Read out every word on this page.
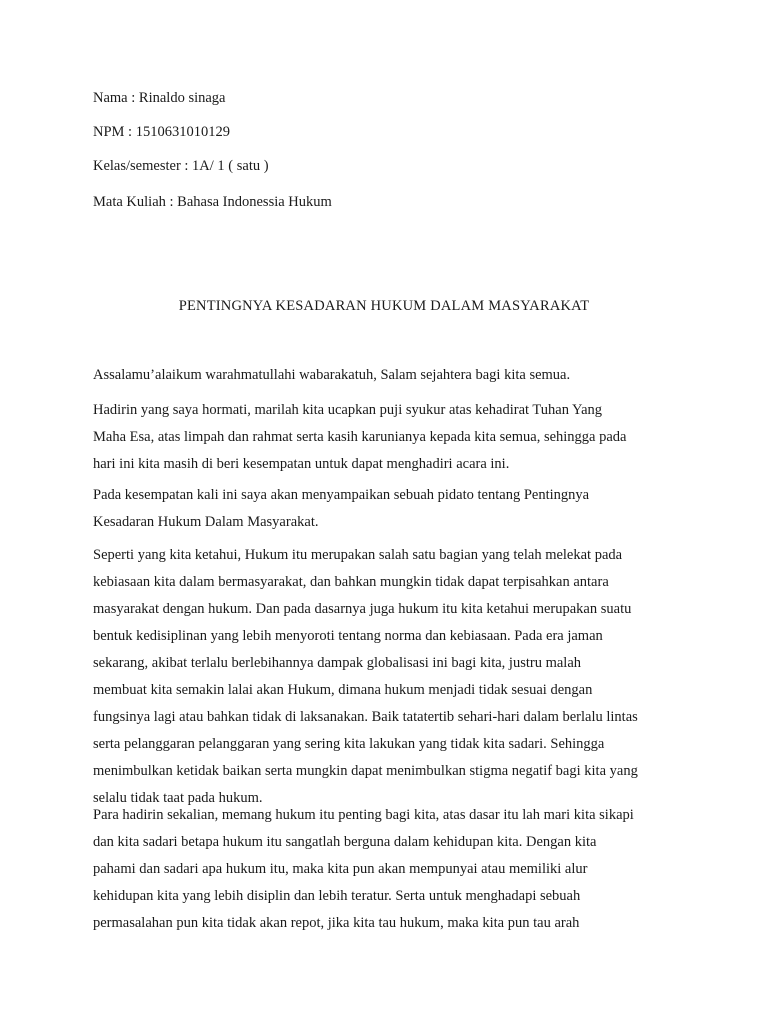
Nama : Rinaldo sinaga
NPM : 1510631010129
Kelas/semester : 1A/ 1 ( satu )
Mata Kuliah : Bahasa Indonessia Hukum
PENTINGNYA KESADARAN HUKUM DALAM MASYARAKAT
Assalamu’alaikum warahmatullahi wabarakatuh, Salam sejahtera bagi kita semua.
Hadirin yang saya hormati, marilah kita ucapkan puji syukur atas kehadirat Tuhan Yang
Maha Esa, atas limpah dan rahmat serta kasih karunianya kepada kita semua, sehingga pada
hari ini kita masih di beri kesempatan untuk dapat menghadiri acara ini.
Pada kesempatan kali ini saya akan menyampaikan sebuah pidato tentang Pentingnya
Kesadaran Hukum Dalam Masyarakat.
Seperti yang kita ketahui, Hukum itu merupakan salah satu bagian yang telah melekat pada
kebiasaan kita dalam bermasyarakat, dan bahkan mungkin tidak dapat terpisahkan antara
masyarakat dengan hukum. Dan pada dasarnya juga hukum itu kita ketahui merupakan suatu
bentuk kedisiplinan yang lebih menyoroti tentang norma dan kebiasaan. Pada era jaman
sekarang, akibat terlalu berlebihannya dampak globalisasi ini bagi kita, justru malah
membuat kita semakin lalai akan Hukum, dimana hukum menjadi tidak sesuai dengan
fungsinya lagi atau bahkan tidak di laksanakan. Baik tatatertib sehari-hari dalam berlalu lintas
serta pelanggaran pelanggaran yang sering kita lakukan yang tidak kita sadari. Sehingga
menimbulkan ketidak baikan serta mungkin dapat menimbulkan stigma negatif bagi kita yang
selalu tidak taat pada hukum.
Para hadirin sekalian, memang hukum itu penting bagi kita, atas dasar itu lah mari kita sikapi
dan kita sadari betapa hukum itu sangatlah berguna dalam kehidupan kita. Dengan kita
pahami dan sadari apa hukum itu, maka kita pun akan mempunyai atau memiliki alur
kehidupan kita yang lebih disiplin dan lebih teratur. Serta untuk menghadapi sebuah
permasalahan pun kita tidak akan repot, jika kita tau hukum, maka kita pun tau arah
